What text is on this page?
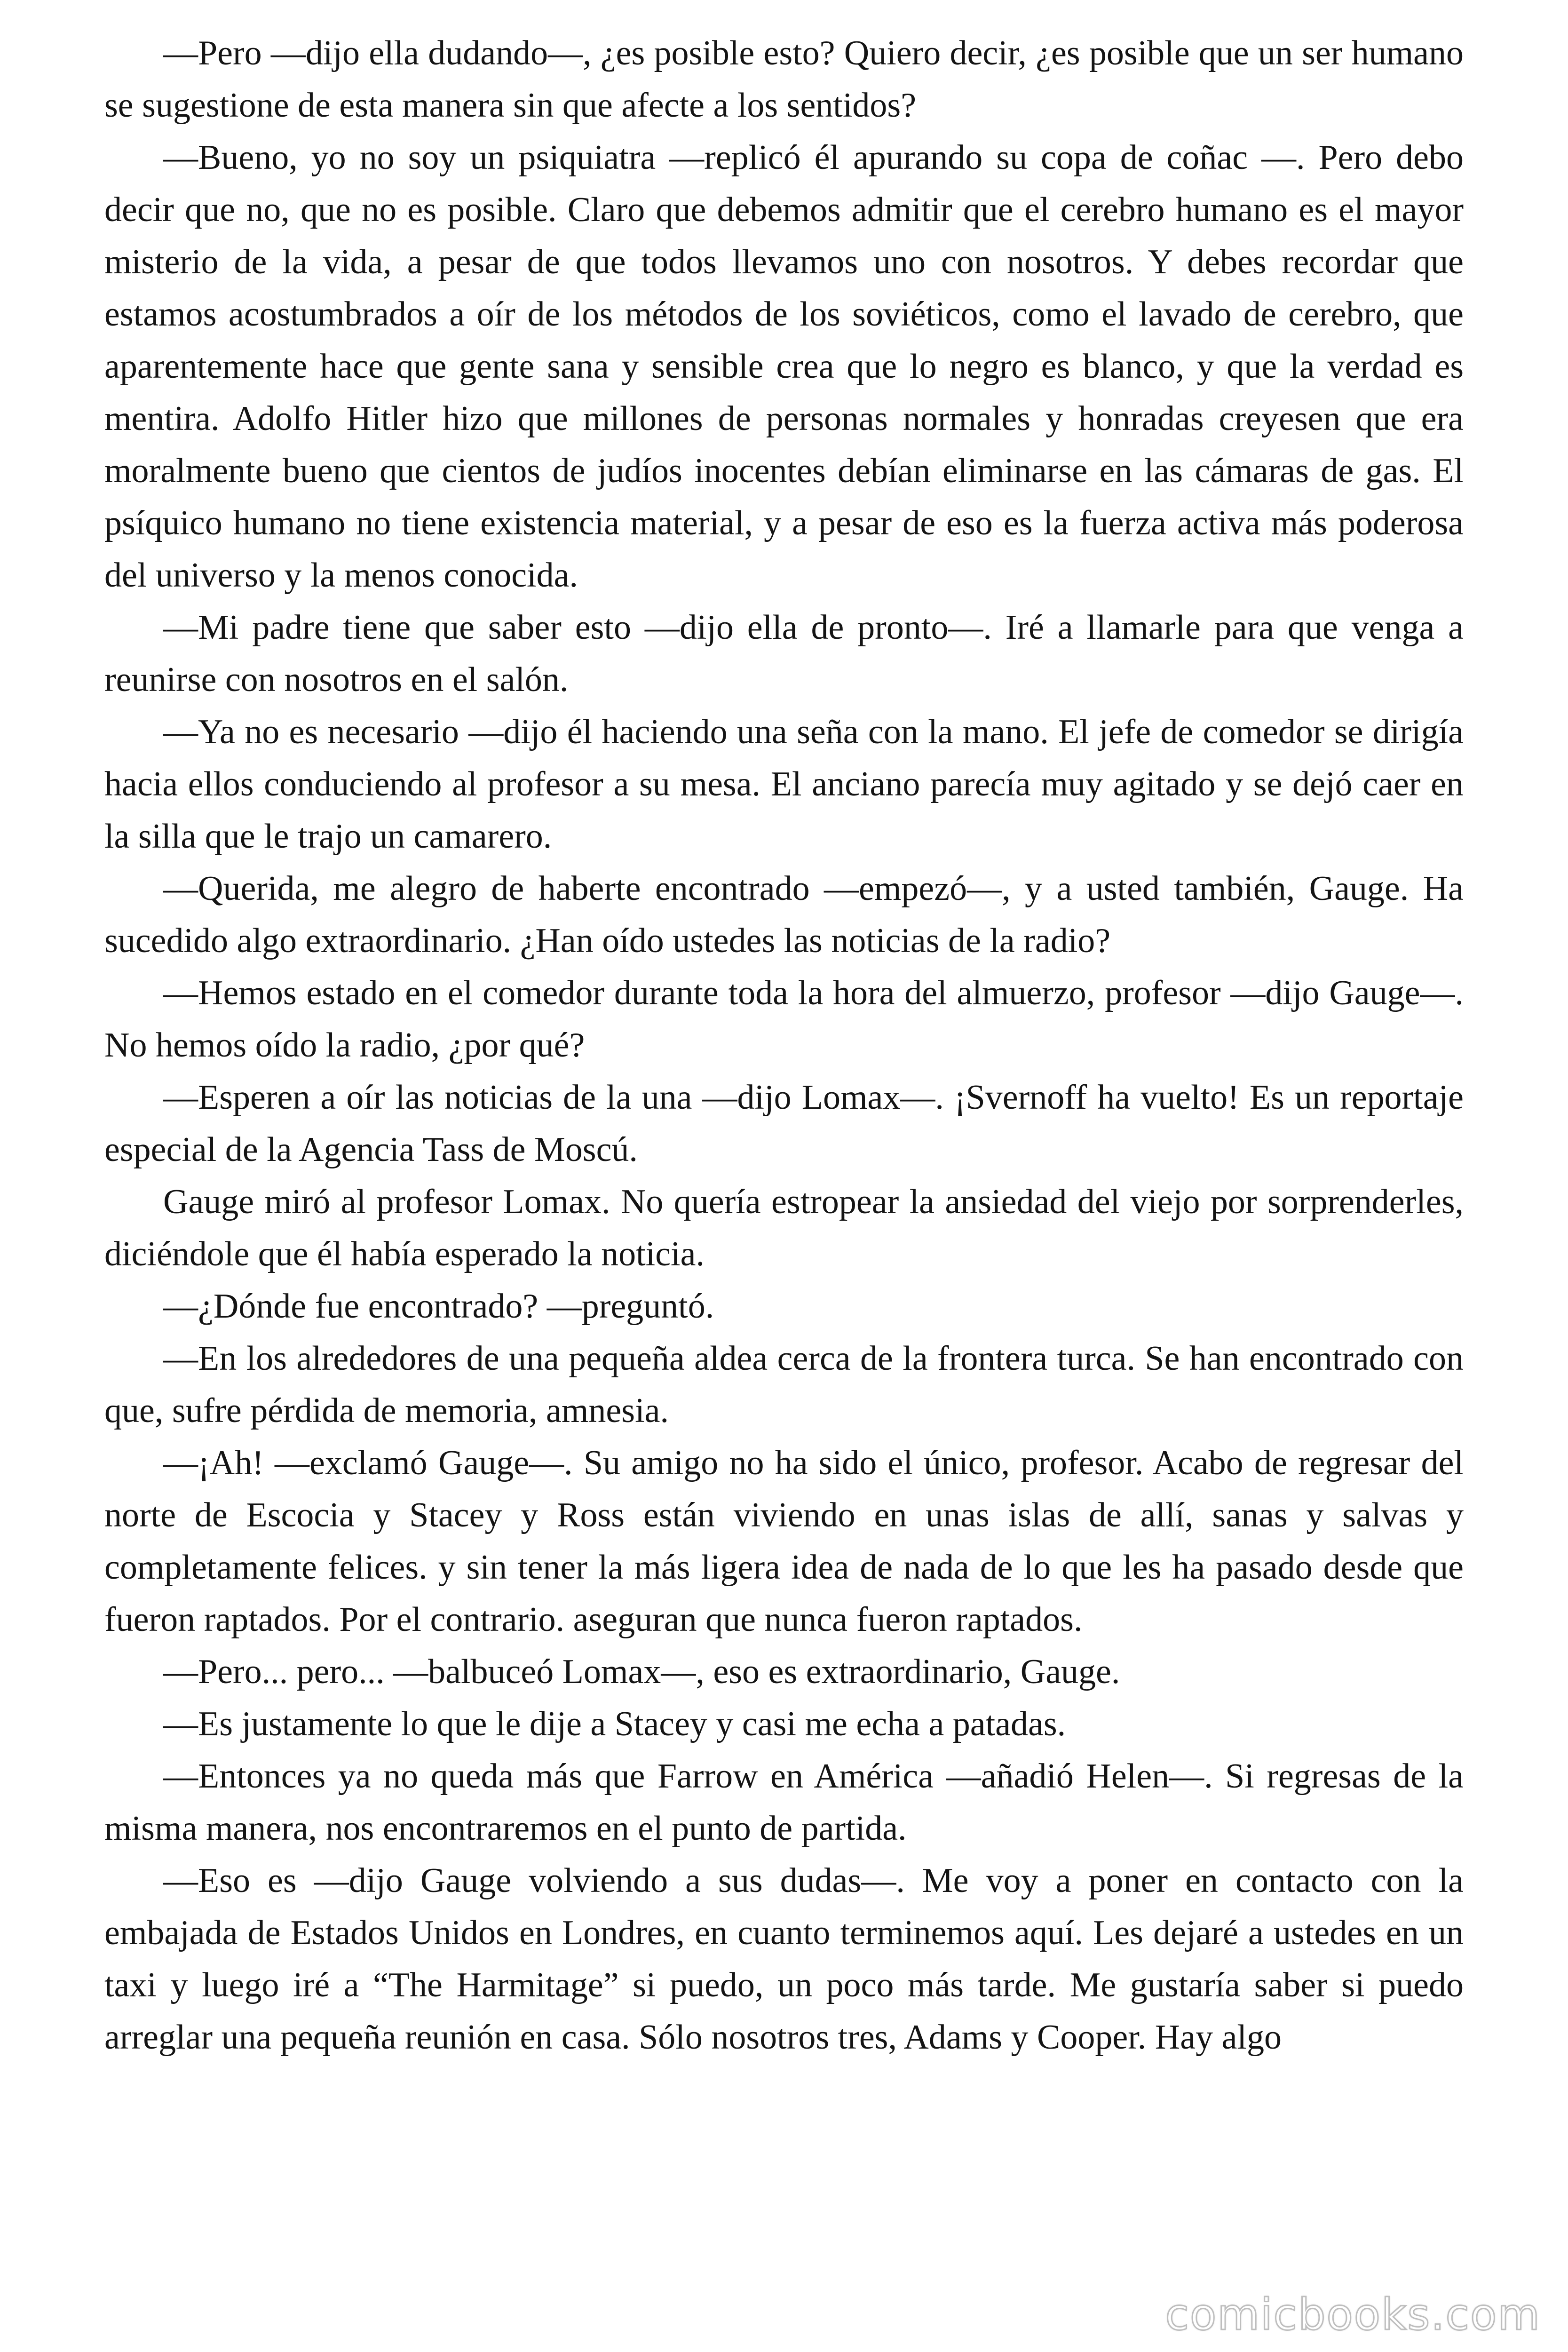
—Pero —dijo ella dudando—, ¿es posible esto? Quiero decir, ¿es posible que un ser humano se sugestione de esta manera sin que afecte a los sentidos?

—Bueno, yo no soy un psiquiatra —replicó él apurando su copa de coñac —. Pero debo decir que no, que no es posible. Claro que debemos admitir que el cerebro humano es el mayor misterio de la vida, a pesar de que todos llevamos uno con nosotros. Y debes recordar que estamos acostumbrados a oír de los métodos de los soviéticos, como el lavado de cerebro, que aparentemente hace que gente sana y sensible crea que lo negro es blanco, y que la verdad es mentira. Adolfo Hitler hizo que millones de personas normales y honradas creyesen que era moralmente bueno que cientos de judíos inocentes debían eliminarse en las cámaras de gas. El psíquico humano no tiene existencia material, y a pesar de eso es la fuerza activa más poderosa del universo y la menos conocida.

—Mi padre tiene que saber esto —dijo ella de pronto—. Iré a llamarle para que venga a reunirse con nosotros en el salón.

—Ya no es necesario —dijo él haciendo una seña con la mano. El jefe de comedor se dirigía hacia ellos conduciendo al profesor a su mesa. El anciano parecía muy agitado y se dejó caer en la silla que le trajo un camarero.

—Querida, me alegro de haberte encontrado —empezó—, y a usted también, Gauge. Ha sucedido algo extraordinario. ¿Han oído ustedes las noticias de la radio?

—Hemos estado en el comedor durante toda la hora del almuerzo, profesor —dijo Gauge—. No hemos oído la radio, ¿por qué?

—Esperen a oír las noticias de la una —dijo Lomax—. ¡Svernoff ha vuelto! Es un reportaje especial de la Agencia Tass de Moscú.

Gauge miró al profesor Lomax. No quería estropear la ansiedad del viejo por sorprenderles, diciéndole que él había esperado la noticia.

—¿Dónde fue encontrado? —preguntó.

—En los alrededores de una pequeña aldea cerca de la frontera turca. Se han encontrado con que, sufre pérdida de memoria, amnesia.

—¡Ah! —exclamó Gauge—. Su amigo no ha sido el único, profesor. Acabo de regresar del norte de Escocia y Stacey y Ross están viviendo en unas islas de allí, sanas y salvas y completamente felices. y sin tener la más ligera idea de nada de lo que les ha pasado desde que fueron raptados. Por el contrario. aseguran que nunca fueron raptados.

—Pero... pero... —balbuceó Lomax—, eso es extraordinario, Gauge.

—Es justamente lo que le dije a Stacey y casi me echa a patadas.

—Entonces ya no queda más que Farrow en América —añadió Helen—. Si regresas de la misma manera, nos encontraremos en el punto de partida.

—Eso es —dijo Gauge volviendo a sus dudas—. Me voy a poner en contacto con la embajada de Estados Unidos en Londres, en cuanto terminemos aquí. Les dejaré a ustedes en un taxi y luego iré a “The Harmitage” si puedo, un poco más tarde. Me gustaría saber si puedo arreglar una pequeña reunión en casa. Sólo nosotros tres, Adams y Cooper. Hay algo

comicbooks.com
